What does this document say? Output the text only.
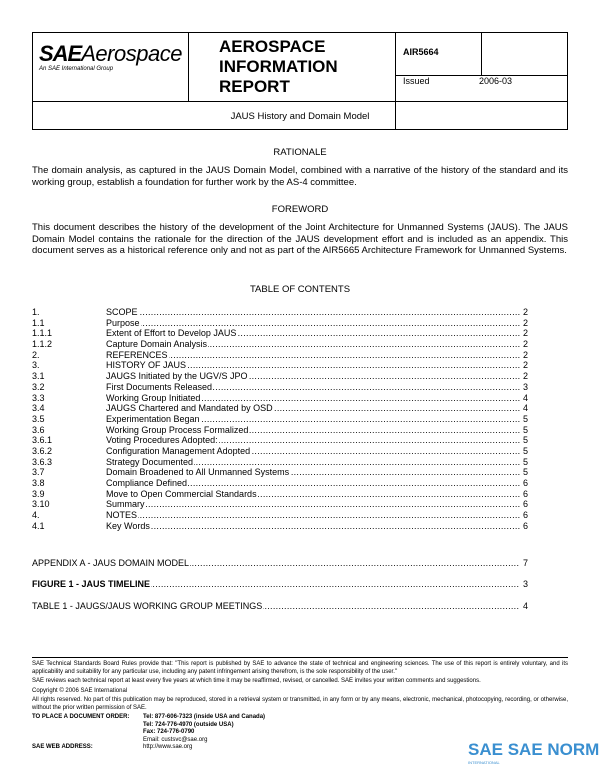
SAEAerospace
An SAE International Group
AEROSPACE
INFORMATION
REPORT
AIR5664
Issued	2006-03
JAUS History and Domain Model
RATIONALE
The domain analysis, as captured in the JAUS Domain Model, combined with a narrative of the history of the standard and its working group, establish a foundation for further work by the AS-4 committee.
FOREWORD
This document describes the history of the development of the Joint Architecture for Unmanned Systems (JAUS). The JAUS Domain Model contains the rationale for the direction of the JAUS development effort and is included as an appendix. This document serves as a historical reference only and not as part of the AIR5665 Architecture Framework for Unmanned Systems.
TABLE OF CONTENTS
1.	SCOPE .....	2
1.1	Purpose .....	2
1.1.1	Extent of Effort to Develop JAUS .....	2
1.1.2	Capture Domain Analysis .....	2
2.	REFERENCES .....	2
3.	HISTORY OF JAUS .....	2
3.1	JAUGS Initiated by the UGV/S JPO .....	2
3.2	First Documents Released .....	3
3.3	Working Group Initiated .....	4
3.4	JAUGS Chartered and Mandated by OSD .....	4
3.5	Experimentation Began .....	5
3.6	Working Group Process Formalized .....	5
3.6.1	Voting Procedures Adopted: .....	5
3.6.2	Configuration Management Adopted .....	5
3.6.3	Strategy Documented .....	5
3.7	Domain Broadened to All Unmanned Systems .....	5
3.8	Compliance Defined .....	6
3.9	Move to Open Commercial Standards .....	6
3.10	Summary .....	6
4.	NOTES .....	6
4.1	Key Words .....	6
APPENDIX A - JAUS DOMAIN MODEL .....	7
FIGURE 1 - JAUS TIMELINE .....	3
TABLE 1 - JAUGS/JAUS WORKING GROUP MEETINGS .....	4

SAE Technical Standards Board Rules provide that: "This report is published by SAE to advance the state of technical and engineering sciences. The use of this report is entirely voluntary, and its applicability and suitability for any particular use, including any patent infringement arising therefrom, is the sole responsibility of the user."

SAE reviews each technical report at least every five years at which time it may be reaffirmed, revised, or cancelled. SAE invites your written comments and suggestions.

Copyright © 2006 SAE International

All rights reserved. No part of this publication may be reproduced, stored in a retrieval system or transmitted, in any form or by any means, electronic, mechanical, photocopying, recording, or otherwise, without the prior written permission of SAE.

TO PLACE A DOCUMENT ORDER:	Tel: 877-606-7323 (inside USA and Canada)
Tel: 724-776-4970 (outside USA)
Fax: 724-776-0790
Email: custsvc@sae.org
SAE WEB ADDRESS:	http://www.sae.org	SAE SAE NORM
INTERNATIONAL
